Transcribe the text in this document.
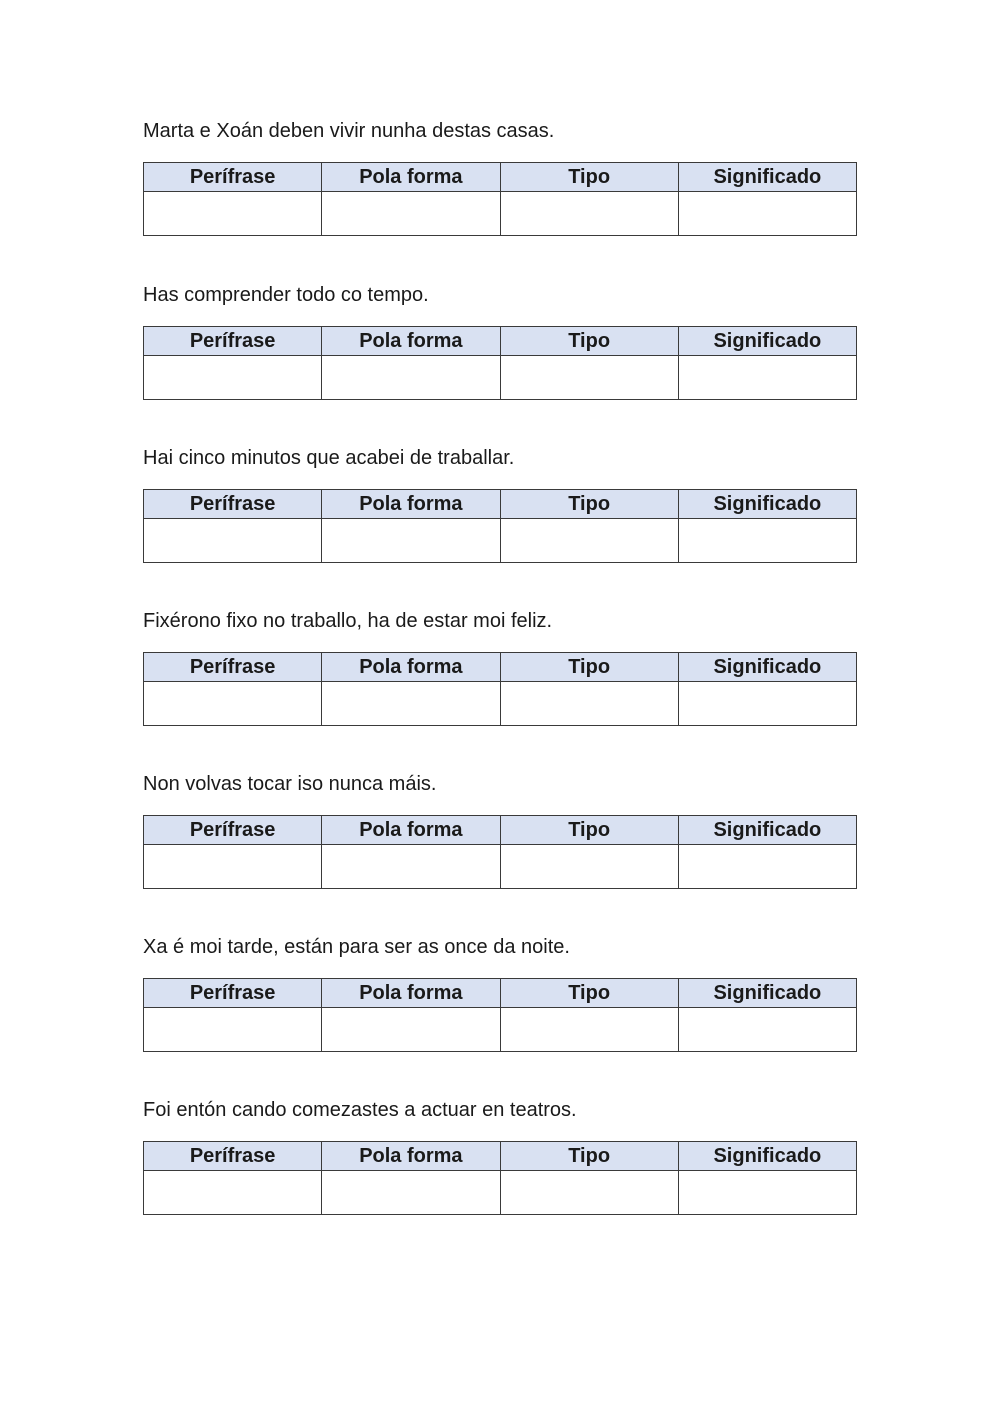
Marta e Xoán deben vivir nunha destas casas.
Perífrase	Pola forma	Tipo	Significado

Has comprender todo co tempo.
Perífrase	Pola forma	Tipo	Significado

Hai cinco minutos que acabei de traballar.
Perífrase	Pola forma	Tipo	Significado

Fixérono fixo no traballo, ha de estar moi feliz.
Perífrase	Pola forma	Tipo	Significado

Non volvas tocar iso nunca máis.
Perífrase	Pola forma	Tipo	Significado

Xa é moi tarde, están para ser as once da noite.
Perífrase	Pola forma	Tipo	Significado

Foi entón cando comezastes a actuar en teatros.
Perífrase	Pola forma	Tipo	Significado
